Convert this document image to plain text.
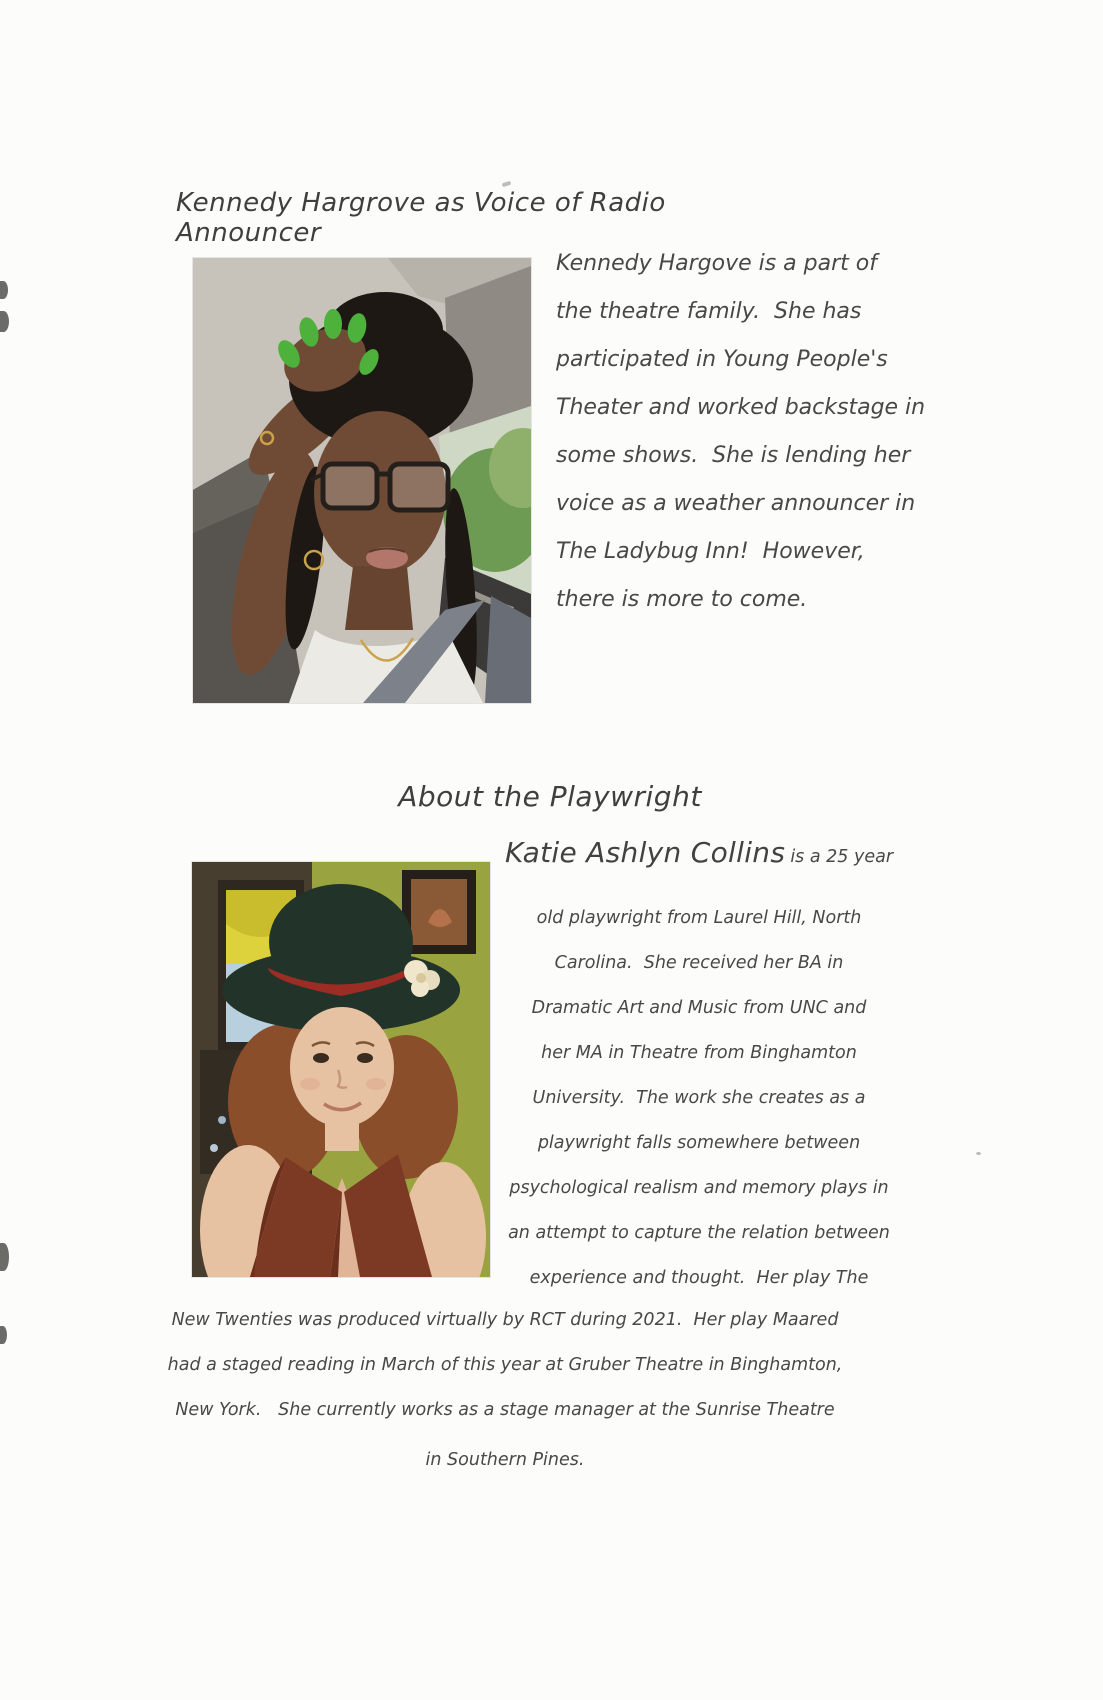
Kennedy Hargrove as Voice of Radio Announcer
Kennedy Hargove is a part of
the theatre family.  She has
participated in Young People's
Theater and worked backstage in
some shows.  She is lending her
voice as a weather announcer in
The Ladybug Inn!  However,
there is more to come.
About the Playwright
Katie Ashlyn Collins is a 25 year
old playwright from Laurel Hill, North
Carolina.  She received her BA in
Dramatic Art and Music from UNC and
her MA in Theatre from Binghamton
University.  The work she creates as a
playwright falls somewhere between
psychological realism and memory plays in
an attempt to capture the relation between
experience and thought.  Her play The
New Twenties was produced virtually by RCT during 2021.  Her play Maared
had a staged reading in March of this year at Gruber Theatre in Binghamton,
New York.   She currently works as a stage manager at the Sunrise Theatre
in Southern Pines.
